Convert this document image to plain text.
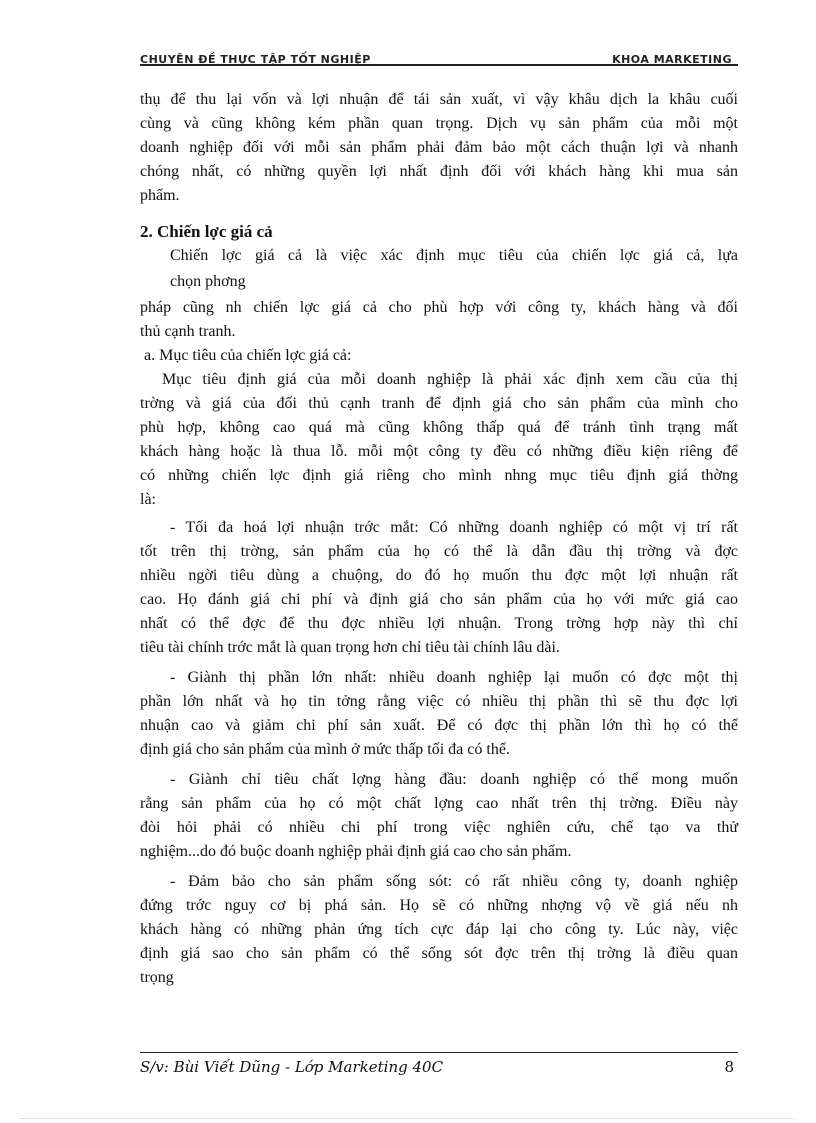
CHUYÊN ĐỀ THỰC TẬP TỐT NGHIỆP	KHOA MARKETING
thụ để thu lại vốn và lợi nhuận để tái sản xuất, vì vậy khâu dịch la khâu cuối
cùng và cũng không kém phần quan trọng. Dịch vụ sản phẩm của mỗi một
doanh nghiệp đối với mỗi sản phẩm phải đảm bảo một cách thuận lợi và nhanh
chóng nhất, có những quyền lợi nhất định đối với khách hàng khi mua sản
phẩm.
2. Chiến lợc giá cả
Chiến lợc giá cả là việc xác định mục tiêu của chiến lợc giá cả, lựa
chọn phơng
pháp cũng nh chiến lợc giá cả cho phù hợp với công ty, khách hàng và đối
thủ cạnh tranh.
a. Mục tiêu của chiến lợc giá cả:
Mục tiêu định giá của mỗi doanh nghiệp là phải xác định xem cầu của thị
trờng và giá của đối thủ cạnh tranh để định giá cho sản phẩm của mình cho
phù hợp, không cao quá mà cũng không thấp quá để tránh tình trạng mất
khách hàng hoặc là thua lỗ. mỗi một công ty đều có những điều kiện riêng để
có những chiến lợc định giá riêng cho mình nhng mục tiêu định giá thờng
là:
- Tối đa hoá lợi nhuận trớc mắt: Có những doanh nghiệp có một vị trí rất
tốt trên thị trờng, sản phẩm của họ có thể là dẫn đầu thị trờng và đợc
nhiều ngời tiêu dùng a chuộng, do đó họ muốn thu đợc một lợi nhuận rất
cao. Họ đánh giá chi phí và định giá cho sản phẩm của họ với mức giá cao
nhất có thể đợc để thu đợc nhiều lợi nhuận. Trong trờng hợp này thì chỉ
tiêu tài chính trớc mắt là quan trọng hơn chỉ tiêu tài chính lâu dài.
- Giành thị phần lớn nhất: nhiều doanh nghiệp lại muốn có đợc một thị
phần lớn nhất và họ tin tởng rằng việc có nhiều thị phần thì sẽ thu đợc lợi
nhuận cao và giảm chi phí sản xuất. Để có đợc thị phần lớn thì họ có thể
định giá cho sản phẩm của mình ở mức thấp tối đa có thể.
- Giành chỉ tiêu chất lợng hàng đầu: doanh nghiệp có thể mong muốn
rằng sản phẩm của họ có một chất lợng cao nhất trên thị trờng. Điều này
đòi hỏi phải có nhiều chi phí trong việc nghiên cứu, chế tạo va thử
nghiệm...do đó buộc doanh nghiệp phải định giá cao cho sản phẩm.
- Đảm bảo cho sản phẩm sống sót: có rất nhiều công ty, doanh nghiệp
đứng trớc nguy cơ bị phá sản. Họ sẽ có những nhợng vộ về giá nếu nh
khách hàng có những phản ứng tích cực đáp lại cho công ty. Lúc này, việc
định giá sao cho sản phẩm có thể sống sót đợc trên thị trờng là điều quan
trọng
S/v: Bùi Viết Dũng - Lớp Marketing 40C	8
